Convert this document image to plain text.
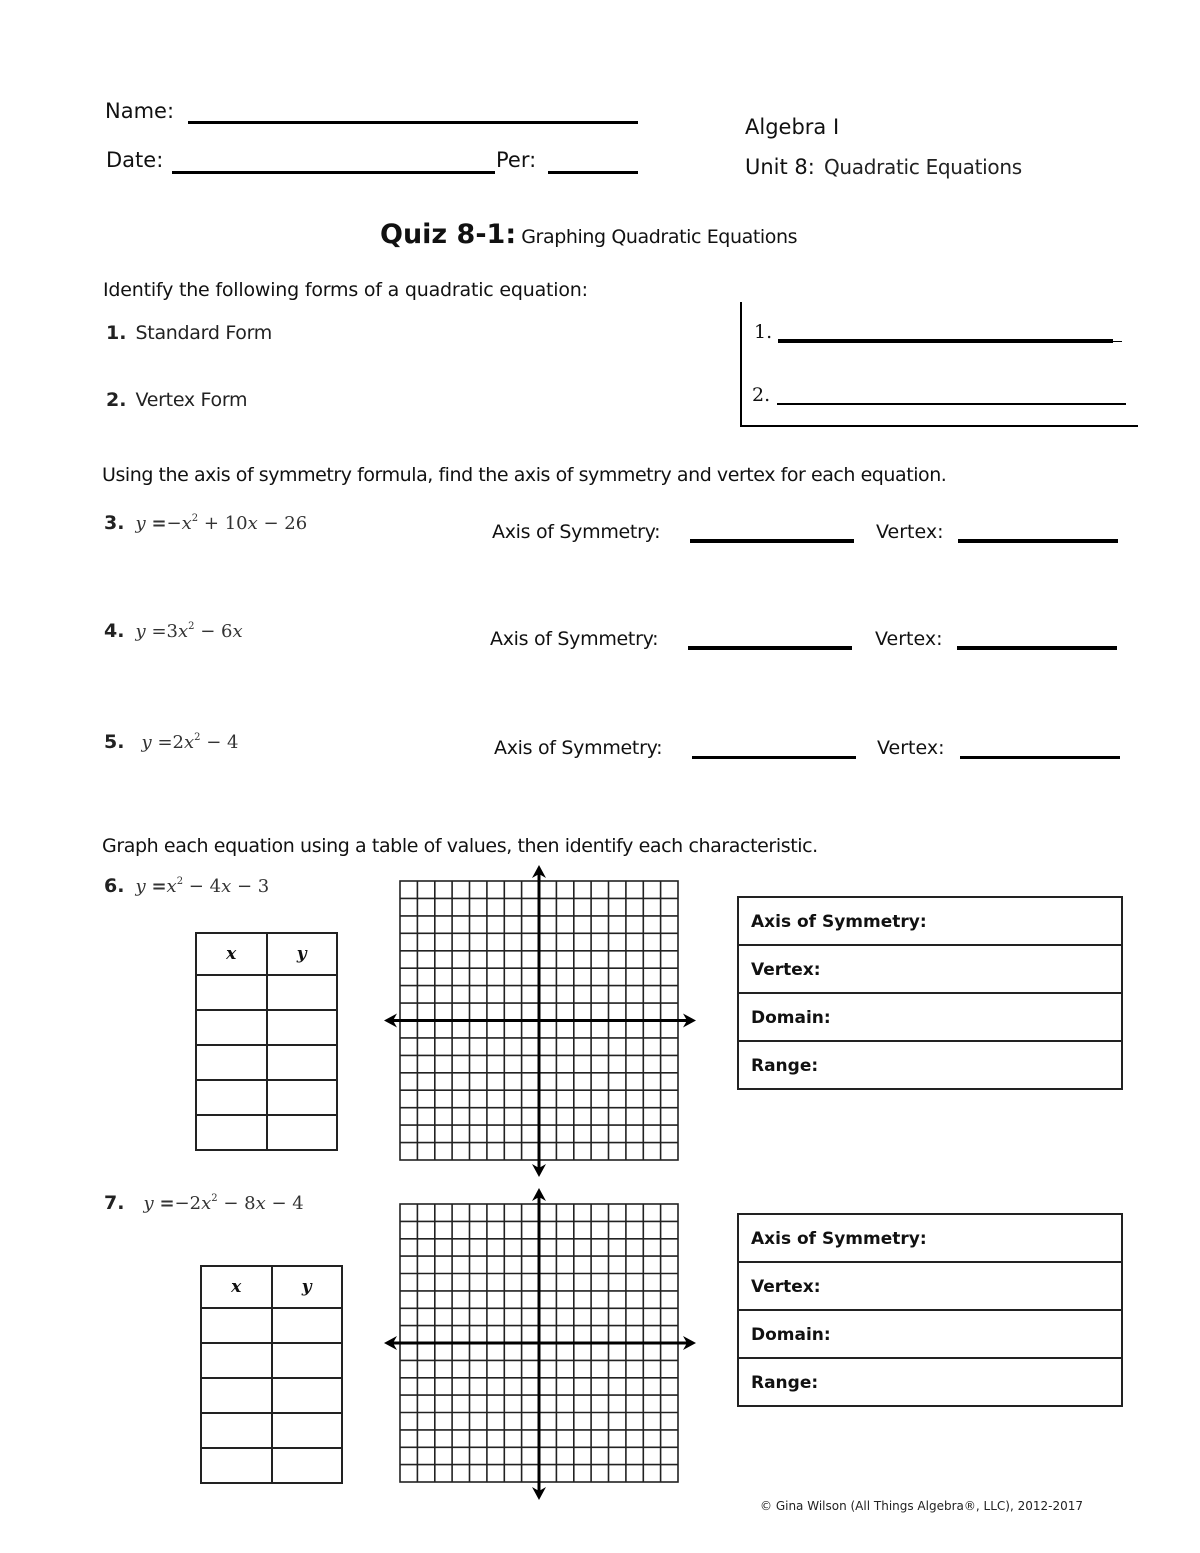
Name:
Date:	Per:
Algebra I
Unit 8: Quadratic Equations
Quiz 8-1: Graphing Quadratic Equations
Identify the following forms of a quadratic equation:
1. Standard Form
2. Vertex Form
1.
2.
Using the axis of symmetry formula, find the axis of symmetry and vertex for each equation.
3. $y =-x^2 + 10x - 26$	Axis of Symmetry:	Vertex:
4. $y =3x^2 - 6x$	Axis of Symmetry:	Vertex:
5. $y =2x^2 - 4$	Axis of Symmetry:	Vertex:
Graph each equation using a table of values, then identify each characteristic.
6. $y =x^2 - 4x - 3$
x	y

Axis of Symmetry:
Vertex:
Domain:
Range:
7. $y =-2x^2 - 8x - 4$
x	y

Axis of Symmetry:
Vertex:
Domain:
Range:
© Gina Wilson (All Things Algebra®, LLC), 2012-2017
